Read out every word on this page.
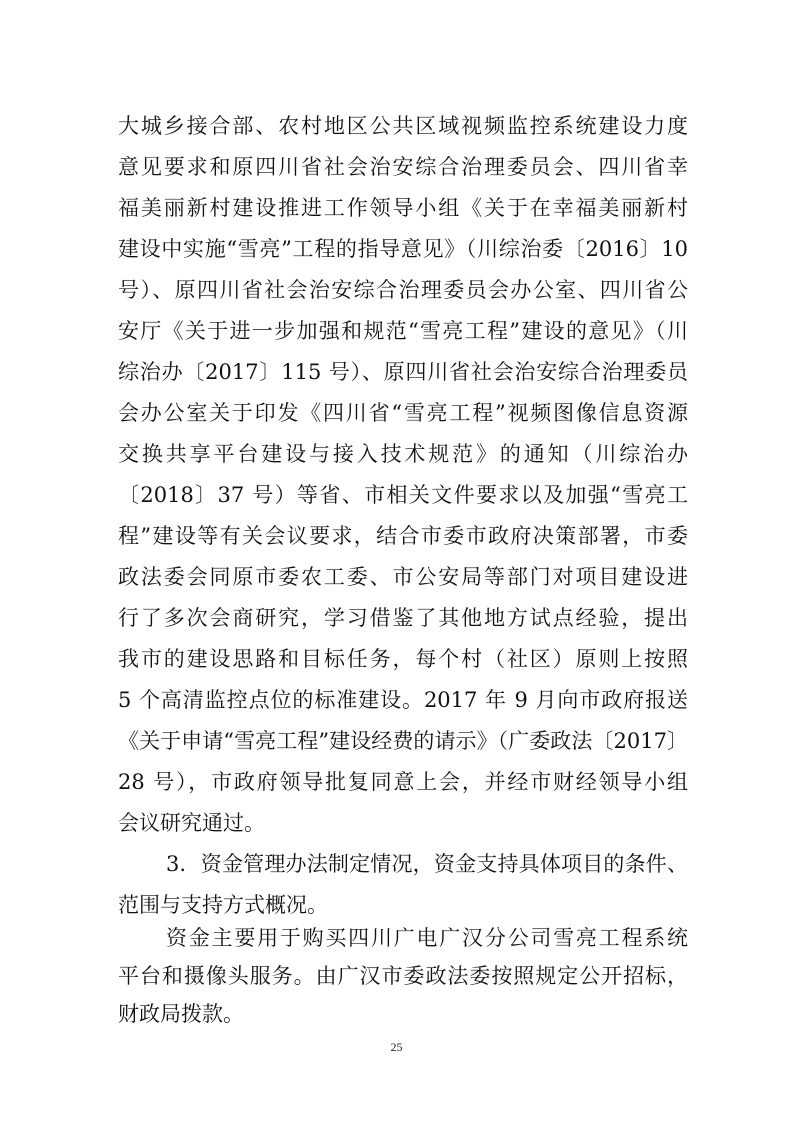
大城乡接合部、农村地区公共区域视频监控系统建设力度
意见要求和原四川省社会治安综合治理委员会、四川省幸
福美丽新村建设推进工作领导小组《关于在幸福美丽新村
建设中实施“雪亮”工程的指导意见》（川综治委〔2016〕10
号）、原四川省社会治安综合治理委员会办公室、四川省公
安厅《关于进一步加强和规范“雪亮工程”建设的意见》（川
综治办〔2017〕115 号）、原四川省社会治安综合治理委员
会办公室关于印发《四川省“雪亮工程”视频图像信息资源
交换共享平台建设与接入技术规范》的通知（川综治办
〔2018〕37 号）等省、市相关文件要求以及加强“雪亮工
程”建设等有关会议要求，结合市委市政府决策部署，市委
政法委会同原市委农工委、市公安局等部门对项目建设进
行了多次会商研究，学习借鉴了其他地方试点经验，提出
我市的建设思路和目标任务，每个村（社区）原则上按照
5 个高清监控点位的标准建设。2017 年 9 月向市政府报送
《关于申请“雪亮工程”建设经费的请示》（广委政法〔2017〕
28 号），市政府领导批复同意上会，并经市财经领导小组
会议研究通过。
3．资金管理办法制定情况，资金支持具体项目的条件、
范围与支持方式概况。
资金主要用于购买四川广电广汉分公司雪亮工程系统
平台和摄像头服务。由广汉市委政法委按照规定公开招标，
财政局拨款。
25
